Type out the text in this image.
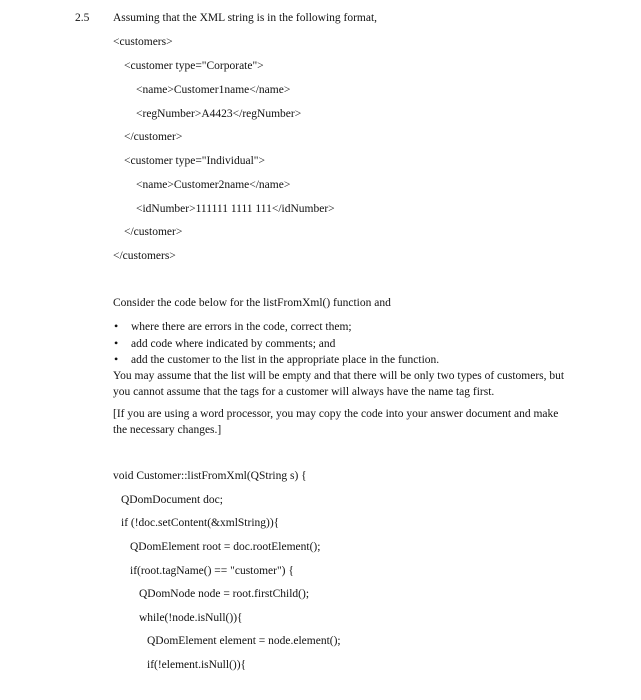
2.5 Assuming that the XML string is in the following format,
<customers>
<customer type="Corporate">
<name>Customer1name</name>
<regNumber>A4423</regNumber>
</customer>
<customer type="Individual">
<name>Customer2name</name>
<idNumber>111111 1111 111</idNumber>
</customer>
</customers>
Consider the code below for the listFromXml() function and
• where there are errors in the code, correct them;
• add code where indicated by comments; and
• add the customer to the list in the appropriate place in the function.
You may assume that the list will be empty and that there will be only two types of customers, but
you cannot assume that the tags for a customer will always have the name tag first.
[If you are using a word processor, you may copy the code into your answer document and make
the necessary changes.]
void Customer::listFromXml(QString s) {
QDomDocument doc;
if (!doc.setContent(&xmlString)){
QDomElement root = doc.rootElement();
if(root.tagName() == "customer") {
QDomNode node = root.firstChild();
while(!node.isNull()){
QDomElement element = node.element();
if(!element.isNull()){
